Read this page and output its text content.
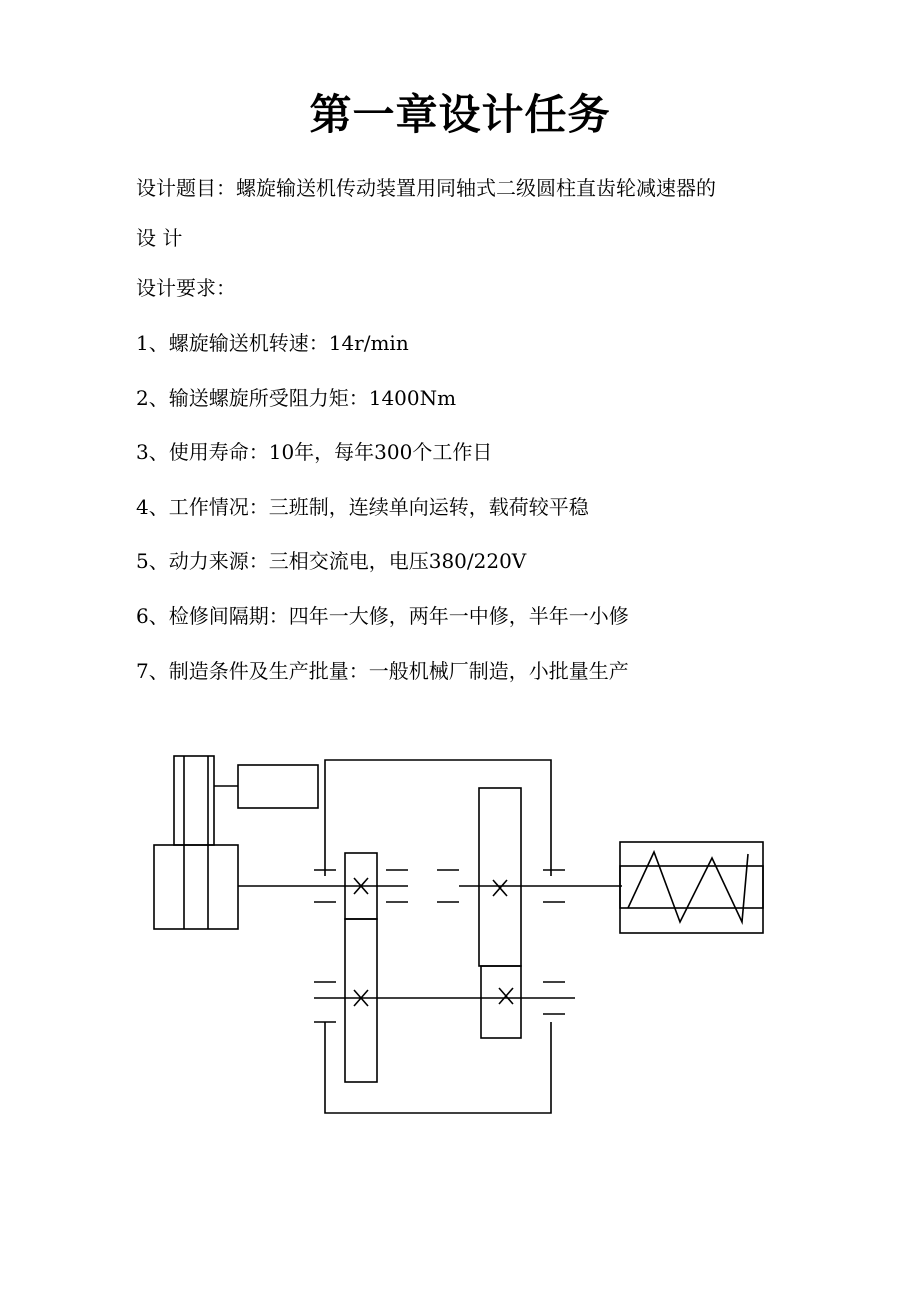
第一章设计任务

设计题目：螺旋输送机传动装置用同轴式二级圆柱直齿轮减速器的

设 计

设计要求：

1、螺旋输送机转速：14r/min

2、输送螺旋所受阻力矩：1400Nm

3、使用寿命：10年，每年300个工作日

4、工作情况：三班制，连续单向运转，载荷较平稳

5、动力来源：三相交流电，电压380/220V

6、检修间隔期：四年一大修，两年一中修，半年一小修

7、制造条件及生产批量：一般机械厂制造，小批量生产
